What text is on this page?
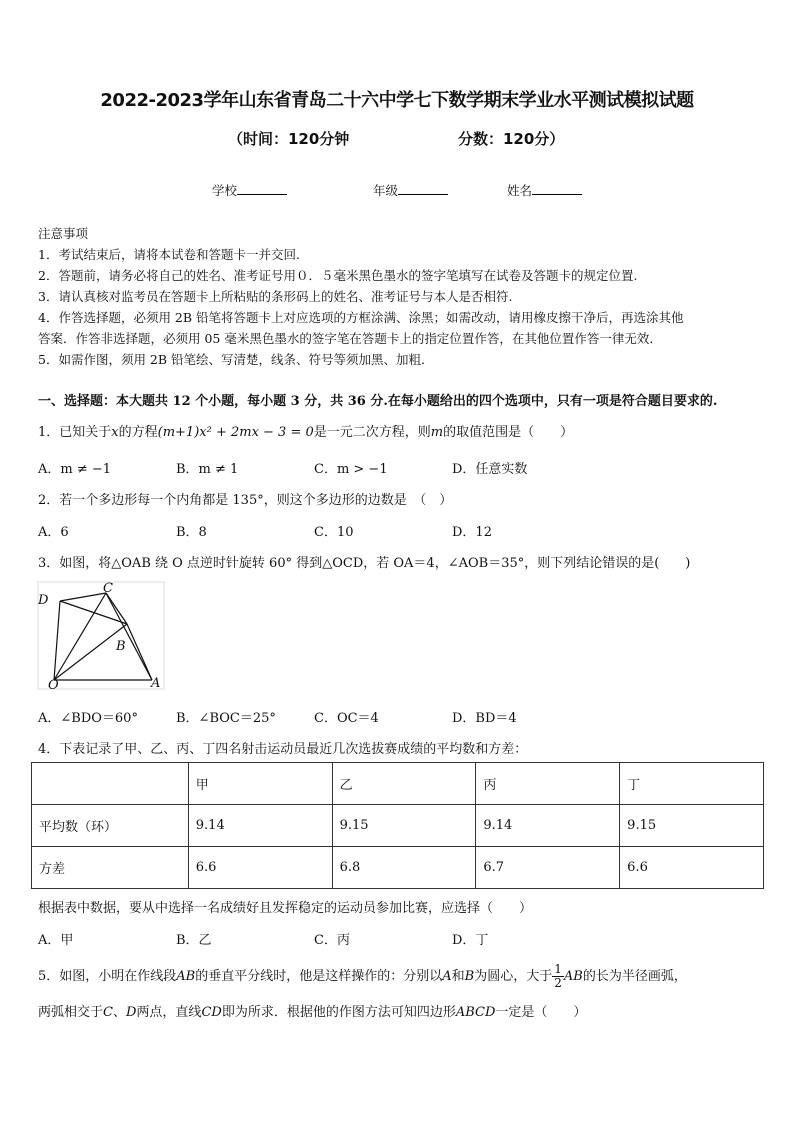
2022-2023学年山东省青岛二十六中学七下数学期末学业水平测试模拟试题
（时间：120分钟	分数：120分）
学校	年级	姓名
注意事项
1．考试结束后，请将本试卷和答题卡一并交回.
2．答题前，请务必将自己的姓名、准考证号用０．５毫米黑色墨水的签字笔填写在试卷及答题卡的规定位置.
3．请认真核对监考员在答题卡上所粘贴的条形码上的姓名、准考证号与本人是否相符.
4．作答选择题，必须用 2B 铅笔将答题卡上对应选项的方框涂满、涂黑；如需改动，请用橡皮擦干净后，再选涂其他
答案．作答非选择题，必须用 05 毫米黑色墨水的签字笔在答题卡上的指定位置作答，在其他位置作答一律无效．
5．如需作图，须用 2B 铅笔绘、写清楚，线条、符号等须加黑、加粗．
一、选择题：本大题共 12 个小题，每小题 3 分，共 36 分.在每小题给出的四个选项中，只有一项是符合题目要求的.
1．已知关于x的方程(m+1)x² + 2mx − 3 = 0是一元二次方程，则m的取值范围是（　　）
A．m ≠ −1	B．m ≠ 1	C．m > −1	D．任意实数
2．若一个多边形每一个内角都是 135°，则这个多边形的边数是　（　）
A．6	B．8	C．10	D．12
3．如图，将△OAB 绕 O 点逆时针旋转 60° 得到△OCD，若 OA＝4，∠AOB＝35°，则下列结论错误的是(　　)
D
C
B
O	A
A．∠BDO＝60°	B．∠BOC＝25°	C．OC＝4	D．BD＝4
4．下表记录了甲、乙、丙、丁四名射击运动员最近几次选拔赛成绩的平均数和方差：
	甲	乙	丙	丁
平均数（环）	9.14	9.15	9.14	9.15
方差	6.6	6.8	6.7	6.6
根据表中数据，要从中选择一名成绩好且发挥稳定的运动员参加比赛，应选择（　　）
A．甲	B．乙	C．丙	D．丁
5．如图，小明在作线段AB的垂直平分线时，他是这样操作的：分别以A和B为圆心，大于 $\frac{1}{2}$ AB的长为半径画弧，
两弧相交于C、D两点，直线CD即为所求．根据他的作图方法可知四边形ABCD一定是（　　）
